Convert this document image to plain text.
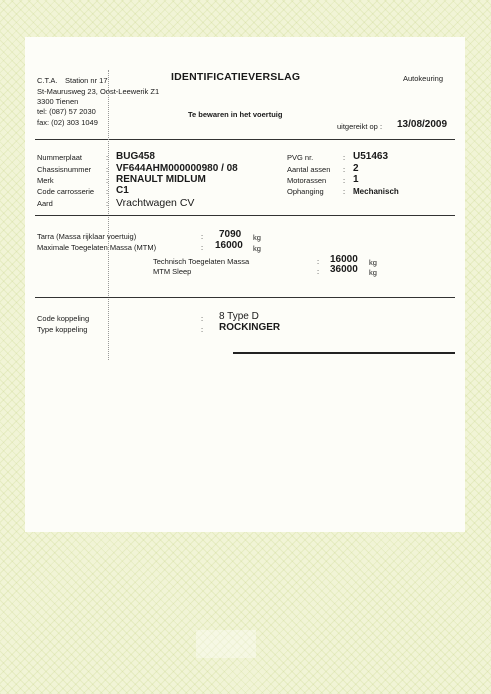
C.T.A. Station nr 17
St-Maurusweg 23, Oost-Leewerik Z1
3300 Tienen
tel: (087) 57 2030
fax: (02) 303 1049
IDENTIFICATIEVERSLAG	Autokeuring
Te bewaren in het voertuig
uitgereikt op : 13/08/2009
Nummerplaat	: BUG458
Chassisnummer : VF644AHM000000980 / 08
Merk	: RENAULT MIDLUM
Code carrosserie : C1
Aard	: Vrachtwagen CV
PVG nr.	: U51463
Aantal assen : 2
Motorassen : 1
Ophanging	: Mechanisch
Tarra (Massa rijklaar voertuig)	: 7090 kg
Maximale Toegelaten Massa (MTM)	: 16000 kg
Technisch Toegelaten Massa	: 16000 kg
MTM Sleep	: 36000 kg
Code koppeling	: 8 Type D
Type koppeling	: ROCKINGER
